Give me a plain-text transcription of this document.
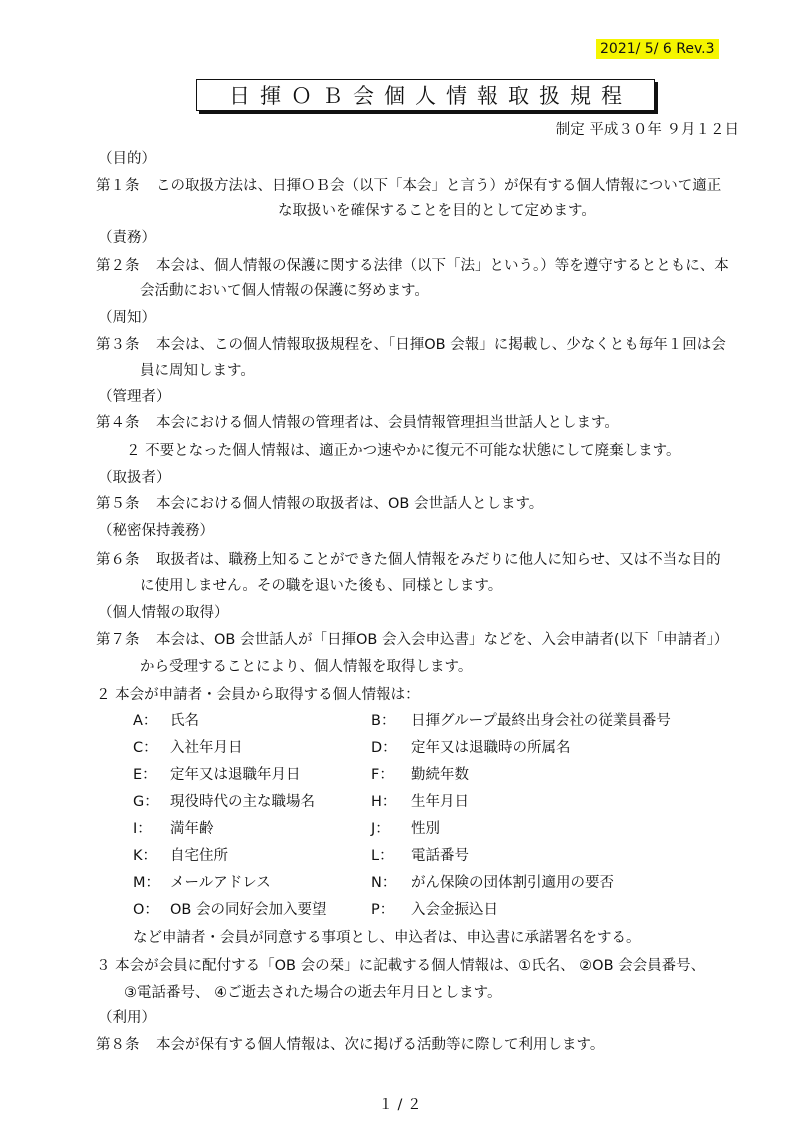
2021/ 5/ 6 Rev.3
日揮ＯＢ会個人情報取扱規程
制定 平成３０年 ９月１２日
（目的）
第１条 この取扱方法は、日揮ＯＢ会（以下「本会」と言う）が保有する個人情報について適正
な取扱いを確保することを目的として定めます。
（責務）
第２条 本会は、個人情報の保護に関する法律（以下「法」という。）等を遵守するとともに、本
会活動において個人情報の保護に努めます。
（周知）
第３条 本会は、この個人情報取扱規程を、「日揮OB 会報」に掲載し、少なくとも毎年１回は会
員に周知します。
（管理者）
第４条 本会における個人情報の管理者は、会員情報管理担当世話人とします。
２ 不要となった個人情報は、適正かつ速やかに復元不可能な状態にして廃棄します。
（取扱者）
第５条 本会における個人情報の取扱者は、OB 会世話人とします。
（秘密保持義務）
第６条 取扱者は、職務上知ることができた個人情報をみだりに他人に知らせ、又は不当な目的
に使用しません。その職を退いた後も、同様とします。
（個人情報の取得）
第７条 本会は、OB 会世話人が「日揮OB 会入会申込書」などを、入会申請者(以下「申請者」）
から受理することにより、個人情報を取得します。
２ 本会が申請者・会員から取得する個人情報は：
A： 氏名	B： 日揮グループ最終出身会社の従業員番号
C： 入社年月日	D： 定年又は退職時の所属名
E： 定年又は退職年月日	F： 勤続年数
G： 現役時代の主な職場名	H： 生年月日
I： 満年齢	J： 性別
K： 自宅住所	L： 電話番号
M： メールアドレス	N： がん保険の団体割引適用の要否
O： OB 会の同好会加入要望	P： 入会金振込日
など申請者・会員が同意する事項とし、申込者は、申込書に承諾署名をする。
３ 本会が会員に配付する「OB 会の栞」に記載する個人情報は、①氏名、 ②OB 会会員番号、
③電話番号、 ④ご逝去された場合の逝去年月日とします。
（利用）
第８条 本会が保有する個人情報は、次に掲げる活動等に際して利用します。
１ / ２
